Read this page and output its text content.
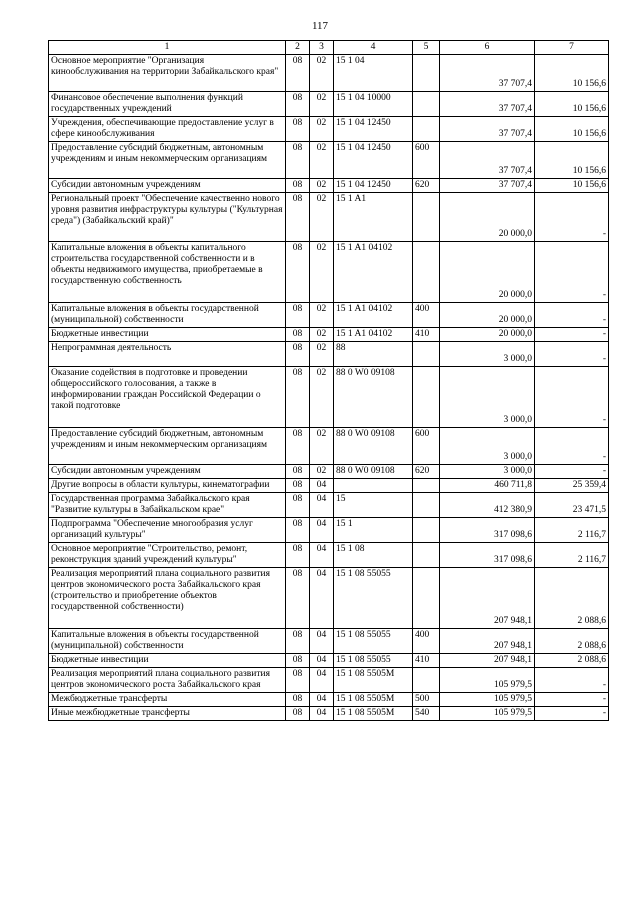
117
1	2	3	4	5	6	7
Основное мероприятие "Организация кинообслуживания на территории Забайкальского края"	08	02	15 1 04		37 707,4	10 156,6
Финансовое обеспечение выполнения функций государственных учреждений	08	02	15 1 04 10000		37 707,4	10 156,6
Учреждения, обеспечивающие предоставление услуг в сфере кинообслуживания	08	02	15 1 04 12450		37 707,4	10 156,6
Предоставление субсидий бюджетным, автономным учреждениям и иным некоммерческим организациям	08	02	15 1 04 12450	600	37 707,4	10 156,6
Субсидии автономным учреждениям	08	02	15 1 04 12450	620	37 707,4	10 156,6
Региональный проект "Обеспечение качественно нового уровня развития инфраструктуры культуры ("Культурная среда") (Забайкальский край)"	08	02	15 1 A1		20 000,0	-
Капитальные вложения в объекты капитального строительства государственной собственности и в объекты недвижимого имущества, приобретаемые в государственную собственность	08	02	15 1 A1 04102		20 000,0	-
Капитальные вложения в объекты государственной (муниципальной) собственности	08	02	15 1 A1 04102	400	20 000,0	-
Бюджетные инвестиции	08	02	15 1 A1 04102	410	20 000,0	-
Непрограммная деятельность	08	02	88		3 000,0	-
Оказание содействия в подготовке и проведении общероссийского голосования, а также в информировании граждан Российской Федерации о такой подготовке	08	02	88 0 W0 09108		3 000,0	-
Предоставление субсидий бюджетным, автономным учреждениям и иным некоммерческим организациям	08	02	88 0 W0 09108	600	3 000,0	-
Субсидии автономным учреждениям	08	02	88 0 W0 09108	620	3 000,0	-
Другие вопросы в области культуры, кинематографии	08	04			460 711,8	25 359,4
Государственная программа Забайкальского края "Развитие культуры в Забайкальском крае"	08	04	15		412 380,9	23 471,5
Подпрограмма "Обеспечение многообразия услуг организаций культуры"	08	04	15 1		317 098,6	2 116,7
Основное мероприятие "Строительство, ремонт, реконструкция зданий учреждений культуры"	08	04	15 1 08		317 098,6	2 116,7
Реализация мероприятий плана социального развития центров экономического роста Забайкальского края (строительство и приобретение объектов государственной собственности)	08	04	15 1 08 55055		207 948,1	2 088,6
Капитальные вложения в объекты государственной (муниципальной) собственности	08	04	15 1 08 55055	400	207 948,1	2 088,6
Бюджетные инвестиции	08	04	15 1 08 55055	410	207 948,1	2 088,6
Реализация мероприятий плана социального развития центров экономического роста Забайкальского края	08	04	15 1 08 5505M		105 979,5	-
Межбюджетные трансферты	08	04	15 1 08 5505M	500	105 979,5	-
Иные межбюджетные трансферты	08	04	15 1 08 5505M	540	105 979,5	-
